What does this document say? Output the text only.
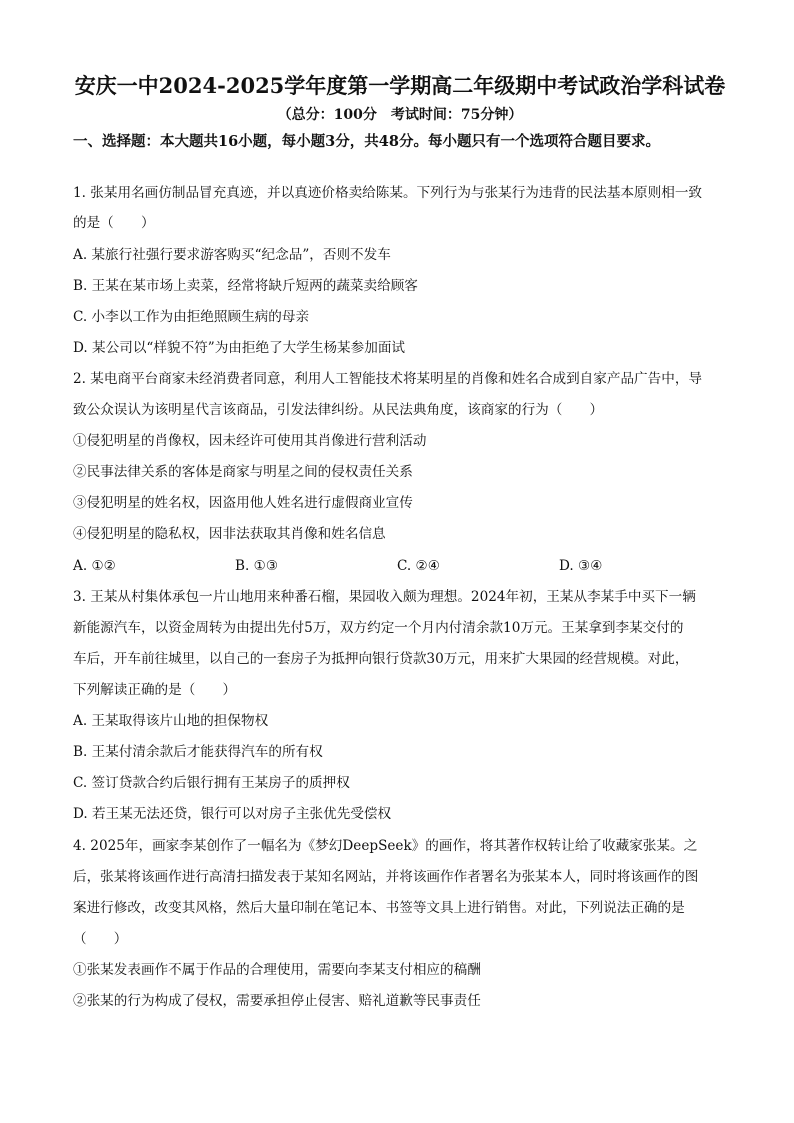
安庆一中2024-2025学年度第一学期高二年级期中考试政治学科试卷
（总分：100分　考试时间：75分钟）
一、选择题：本大题共16小题，每小题3分，共48分。每小题只有一个选项符合题目要求。
1. 张某用名画仿制品冒充真迹，并以真迹价格卖给陈某。下列行为与张某行为违背的民法基本原则相一致
的是（　　）
A. 某旅行社强行要求游客购买“纪念品”，否则不发车
B. 王某在某市场上卖菜，经常将缺斤短两的蔬菜卖给顾客
C. 小李以工作为由拒绝照顾生病的母亲
D. 某公司以“样貌不符”为由拒绝了大学生杨某参加面试
2. 某电商平台商家未经消费者同意，利用人工智能技术将某明星的肖像和姓名合成到自家产品广告中，导
致公众误认为该明星代言该商品，引发法律纠纷。从民法典角度，该商家的行为（　　）
①侵犯明星的肖像权，因未经许可使用其肖像进行营利活动
②民事法律关系的客体是商家与明星之间的侵权责任关系
③侵犯明星的姓名权，因盗用他人姓名进行虚假商业宣传
④侵犯明星的隐私权，因非法获取其肖像和姓名信息
A. ①②	B. ①③	C. ②④	D. ③④
3. 王某从村集体承包一片山地用来种番石榴，果园收入颇为理想。2024年初，王某从李某手中买下一辆
新能源汽车，以资金周转为由提出先付5万，双方约定一个月内付清余款10万元。王某拿到李某交付的
车后，开车前往城里，以自己的一套房子为抵押向银行贷款30万元，用来扩大果园的经营规模。对此，
下列解读正确的是（　　）
A. 王某取得该片山地的担保物权
B. 王某付清余款后才能获得汽车的所有权
C. 签订贷款合约后银行拥有王某房子的质押权
D. 若王某无法还贷，银行可以对房子主张优先受偿权
4. 2025年，画家李某创作了一幅名为《梦幻DeepSeek》的画作，将其著作权转让给了收藏家张某。之
后，张某将该画作进行高清扫描发表于某知名网站，并将该画作作者署名为张某本人，同时将该画作的图
案进行修改，改变其风格，然后大量印制在笔记本、书签等文具上进行销售。对此，下列说法正确的是
（　　）
①张某发表画作不属于作品的合理使用，需要向李某支付相应的稿酬
②张某的行为构成了侵权，需要承担停止侵害、赔礼道歉等民事责任
